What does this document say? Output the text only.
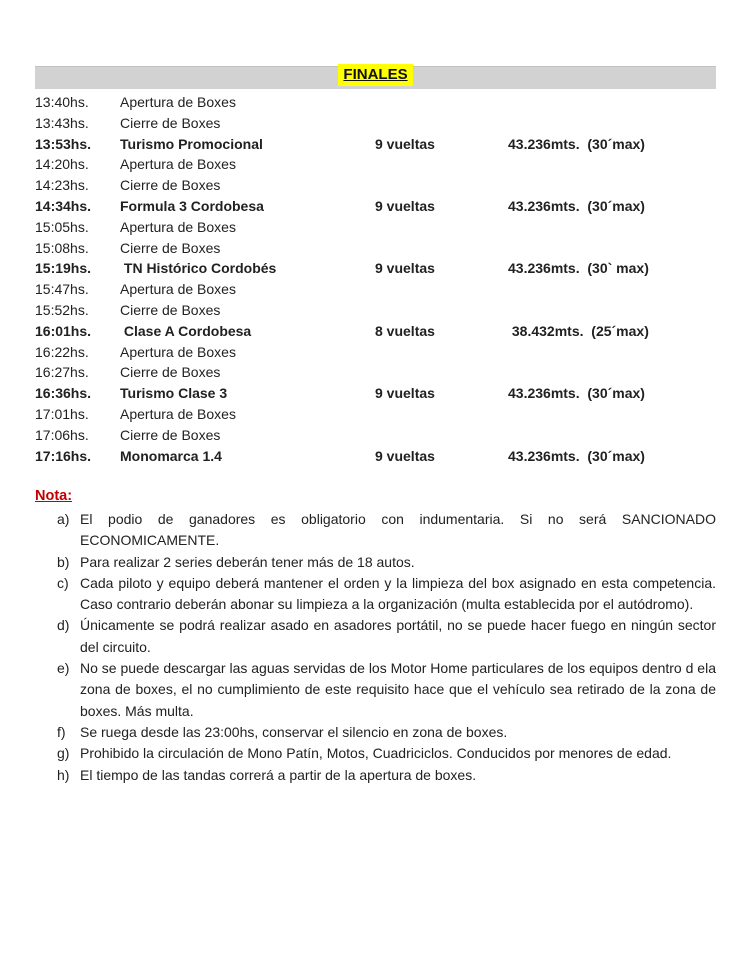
FINALES
13:40hs.	Apertura de Boxes
13:43hs.	Cierre de Boxes
13:53hs.	Turismo Promocional	9 vueltas	43.236mts.  (30´max)
14:20hs.	Apertura de Boxes
14:23hs.	Cierre de Boxes
14:34hs.	Formula 3 Cordobesa	9 vueltas	43.236mts.  (30´max)
15:05hs.	Apertura de Boxes
15:08hs.	Cierre de Boxes
15:19hs.	TN Histórico Cordobés	9 vueltas	43.236mts.  (30` max)
15:47hs.	Apertura de Boxes
15:52hs.	Cierre de Boxes
16:01hs.	Clase A Cordobesa	8 vueltas	38.432mts.  (25´max)
16:22hs.	Apertura de Boxes
16:27hs.	Cierre de Boxes
16:36hs.	Turismo Clase 3	9 vueltas	43.236mts.  (30´max)
17:01hs.	Apertura de Boxes
17:06hs.	Cierre de Boxes
17:16hs.	Monomarca 1.4	9 vueltas	43.236mts.  (30´max)
Nota:
a) El podio de ganadores es obligatorio con indumentaria. Si no será SANCIONADO ECONOMICAMENTE.
b) Para realizar 2 series deberán tener más de 18 autos.
c) Cada piloto y equipo deberá mantener el orden y la limpieza del box asignado en esta competencia. Caso contrario deberán abonar su limpieza a la organización (multa establecida por el autódromo).
d) Únicamente se podrá realizar asado en asadores portátil, no se puede hacer fuego en ningún sector del circuito.
e) No se puede descargar las aguas servidas de los Motor Home particulares de los equipos dentro d ela zona de boxes, el no cumplimiento de este requisito hace que el vehículo sea retirado de la zona de boxes. Más multa.
f)	Se ruega desde las 23:00hs, conservar el silencio en zona de boxes.
g) Prohibido la circulación de Mono Patín, Motos, Cuadriciclos. Conducidos por menores de edad.
h) El tiempo de las tandas correrá a partir de la apertura de boxes.
